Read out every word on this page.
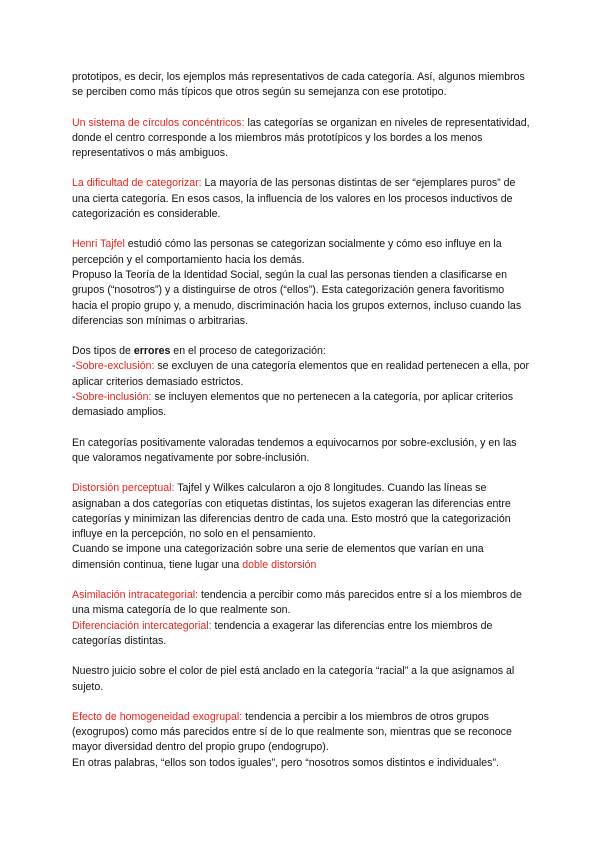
prototipos, es decir, los ejemplos más representativos de cada categoría. Así, algunos miembros se perciben como más típicos que otros según su semejanza con ese prototipo.

Un sistema de círculos concéntricos: las categorías se organizan en niveles de representatividad, donde el centro corresponde a los miembros más prototípicos y los bordes a los menos representativos o más ambiguos.

La dificultad de categorizar: La mayoría de las personas distintas de ser “ejemplares puros” de una cierta categoría. En esos casos, la influencia de los valores en los procesos inductivos de categorización es considerable.

Henri Tajfel estudió cómo las personas se categorizan socialmente y cómo eso influye en la percepción y el comportamiento hacia los demás.
Propuso la Teoría de la Identidad Social, según la cual las personas tienden a clasificarse en grupos (“nosotros”) y a distinguirse de otros (“ellos”). Esta categorización genera favoritismo hacia el propio grupo y, a menudo, discriminación hacia los grupos externos, incluso cuando las diferencias son mínimas o arbitrarias.

Dos tipos de errores en el proceso de categorización:
-Sobre-exclusión: se excluyen de una categoría elementos que en realidad pertenecen a ella, por aplicar criterios demasiado estrictos.
-Sobre-inclusión: se incluyen elementos que no pertenecen a la categoría, por aplicar criterios demasiado amplios.

En categorías positivamente valoradas tendemos a equivocarnos por sobre-exclusión, y en las que valoramos negativamente por sobre-inclusión.

Distorsión perceptual: Tajfel y Wilkes calcularon a ojo 8 longitudes. Cuando las líneas se asignaban a dos categorías con etiquetas distintas, los sujetos exageran las diferencias entre categorías y minimizan las diferencias dentro de cada una. Esto mostró que la categorización influye en la percepción, no solo en el pensamiento.
Cuando se impone una categorización sobre una serie de elementos que varían en una dimensión continua, tiene lugar una doble distorsión

Asimilación intracategorial: tendencia a percibir como más parecidos entre sí a los miembros de una misma categoría de lo que realmente son.
Diferenciación intercategorial: tendencia a exagerar las diferencias entre los miembros de categorías distintas.

Nuestro juicio sobre el color de piel está anclado en la categoría “racial” a la que asignamos al sujeto.

Efecto de homogeneidad exogrupal: tendencia a percibir a los miembros de otros grupos (exogrupos) como más parecidos entre sí de lo que realmente son, mientras que se reconoce mayor diversidad dentro del propio grupo (endogrupo).
En otras palabras, “ellos son todos iguales”, pero “nosotros somos distintos e individuales”.
